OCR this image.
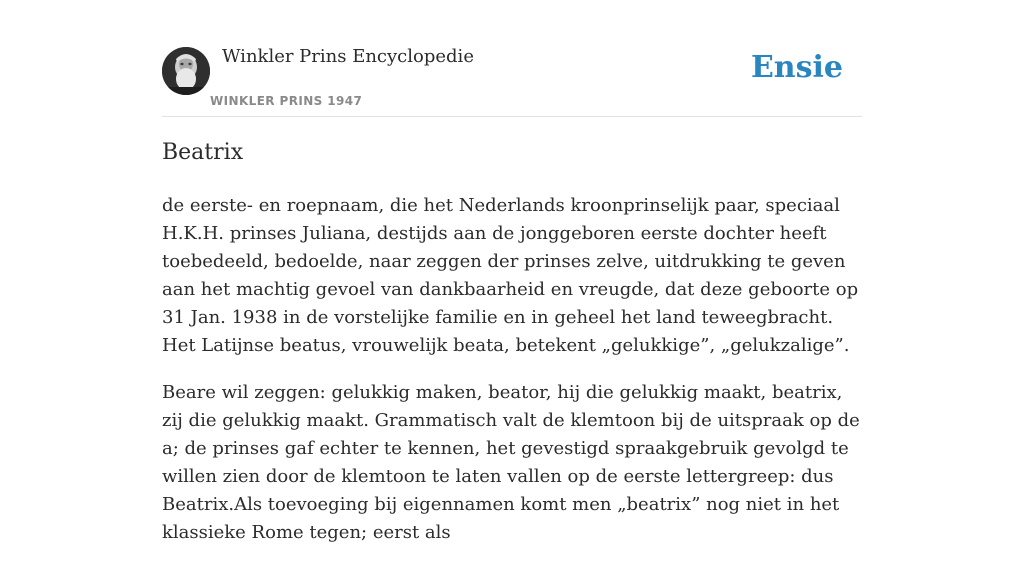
Winkler Prins Encyclopedie
WINKLER PRINS 1947
Ensie
Beatrix

de eerste- en roepnaam, die het Nederlands kroonprinselijk paar, speciaal H.K.H. prinses Juliana, destijds aan de jonggeboren eerste dochter heeft toebedeeld, bedoelde, naar zeggen der prinses zelve, uitdrukking te geven aan het machtig gevoel van dankbaarheid en vreugde, dat deze geboorte op 31 Jan. 1938 in de vorstelijke familie en in geheel het land teweegbracht. Het Latijnse beatus, vrouwelijk beata, betekent „gelukkige”, „gelukzalige”.

Beare wil zeggen: gelukkig maken, beator, hij die gelukkig maakt, beatrix, zij die gelukkig maakt. Grammatisch valt de klemtoon bij de uitspraak op de a; de prinses gaf echter te kennen, het gevestigd spraakgebruik gevolgd te willen zien door de klemtoon te laten vallen op de eerste lettergreep: dus Beatrix.Als toevoeging bij eigennamen komt men „beatrix” nog niet in het klassieke Rome tegen; eerst als
